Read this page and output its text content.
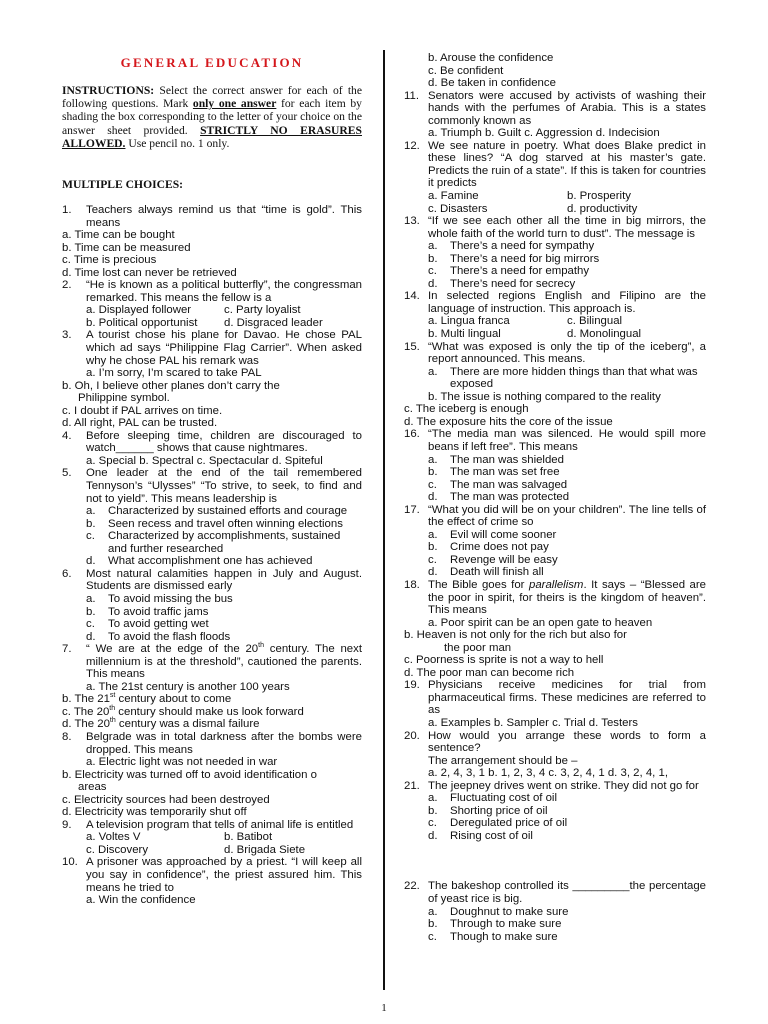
GENERAL EDUCATION
INSTRUCTIONS: Select the correct answer for each of the following questions. Mark only one answer for each item by shading the box corresponding to the letter of your choice on the answer sheet provided. STRICTLY NO ERASURES ALLOWED. Use pencil no. 1 only.
MULTIPLE CHOICES:
1.	Teachers always remind us that “time is gold”. This means
a. Time can be bought
b. Time can be measured
c. Time is precious
d. Time lost can never be retrieved
2.	“He is known as a political butterfly”, the congressman remarked. This means the fellow is a
a. Displayed follower	c. Party loyalist
b. Political opportunist	d. Disgraced leader
3.	A tourist chose his plane for Davao. He chose PAL which ad says “Philippine Flag Carrier”. When asked why he chose PAL his remark was
a. I’m sorry, I’m scared to take PAL
b. Oh, I believe other planes don’t carry the
Philippine symbol.
c. I doubt if PAL arrives on time.
d. All right, PAL can be trusted.
4.	Before sleeping time, children are discouraged to watch______ shows that cause nightmares.
a. Special b. Spectral c. Spectacular d. Spiteful
5.	One leader at the end of the tail remembered Tennyson’s “Ulysses” “To strive, to seek, to find and not to yield”. This means leadership is
a.	Characterized by sustained efforts and courage
b.	Seen recess and travel often winning elections
c.	Characterized by accomplishments, sustained and further researched
d.	What accomplishment one has achieved
6.	Most natural calamities happen in July and August. Students are dismissed early
a.	To avoid missing the bus
b.	To avoid traffic jams
c.	To avoid getting wet
d.	To avoid the flash floods
7.	“ We are at the edge of the 20th century. The next millennium is at the threshold”, cautioned the parents. This means
a. The 21st century is another 100 years
b. The 21st century about to come
c. The 20th century should make us look forward
d. The 20th century was a dismal failure
8.	Belgrade was in total darkness after the bombs were dropped. This means
a. Electric light was not needed in war
b. Electricity was turned off to avoid identification o
areas
c. Electricity sources had been destroyed
d. Electricity was temporarily shut off
9.	A television program that tells of animal life is entitled
a. Voltes V	b. Batibot
c. Discovery	d. Brigada Siete
10. A prisoner was approached by a priest. “I will keep all you say in confidence”, the priest assured him. This means he tried to
a. Win the confidence
b. Arouse the confidence
c. Be confident
d. Be taken in confidence
11. Senators were accused by activists of washing their hands with the perfumes of Arabia. This is a states commonly known as
a. Triumph b. Guilt c. Aggression d. Indecision
12. We see nature in poetry. What does Blake predict in these lines? “A dog starved at his master’s gate. Predicts the ruin of a state”. If this is taken for countries it predicts
a. Famine	b. Prosperity
c. Disasters	d. productivity
13. “If we see each other all the time in big mirrors, the whole faith of the world turn to dust”. The message is
a.	There’s a need for sympathy
b.	There’s a need for big mirrors
c.	There’s a need for empathy
d.	There’s need for secrecy
14. In selected regions English and Filipino are the language of instruction. This approach is.
a. Lingua franca	c. Bilingual
b. Multi lingual	d. Monolingual
15. “What was exposed is only the tip of the iceberg”, a report announced. This means.
a.	There are more hidden things than that what was exposed
b. The issue is nothing compared to the reality
c. The iceberg is enough
d. The exposure hits the core of the issue
16. “The media man was silenced. He would spill more beans if left free”. This means
a.	The man was shielded
b.	The man was set free
c.	The man was salvaged
d.	The man was protected
17. “What you did will be on your children”. The line tells of the effect of crime so
a.	Evil will come sooner
b.	Crime does not pay
c.	Revenge will be easy
d.	Death will finish all
18. The Bible goes for parallelism. It says – “Blessed are the poor in spirit, for theirs is the kingdom of heaven”. This means
a. Poor spirit can be an open gate to heaven
b. Heaven is not only for the rich but also for
the poor man
c. Poorness is sprite is not a way to hell
d. The poor man can become rich
19. Physicians receive medicines for trial from pharmaceutical firms. These medicines are referred to as
a. Examples b. Sampler c. Trial d. Testers
20. How would you arrange these words to form a sentence?
The arrangement should be –
a. 2, 4, 3, 1 b. 1, 2, 3, 4 c. 3, 2, 4, 1 d. 3, 2, 4, 1,
21. The jeepney drives went on strike. They did not go for
a.	Fluctuating cost of oil
b.	Shorting price of oil
c.	Deregulated price of oil
d.	Rising cost of oil
22. The bakeshop controlled its _________the percentage of yeast rice is big.
a.	Doughnut to make sure
b.	Through to make sure
c.	Though to make sure
1
